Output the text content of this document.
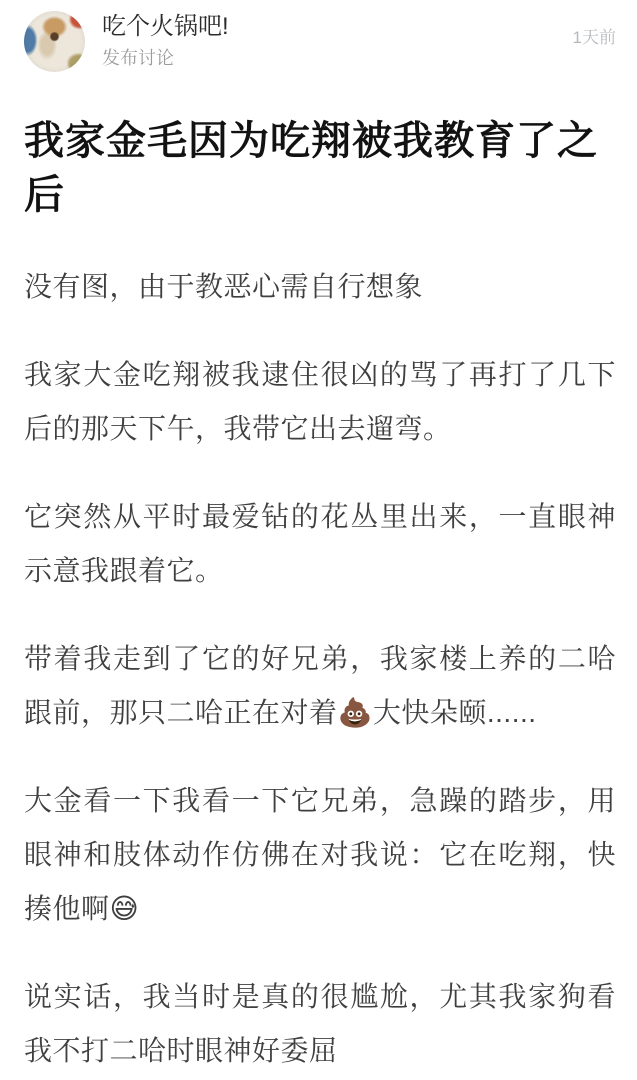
吃个火锅吧!
发布讨论
1天前
我家金毛因为吃翔被我教育了之后

没有图，由于教恶心需自行想象

我家大金吃翔被我逮住很凶的骂了再打了几下后的那天下午，我带它出去遛弯。

它突然从平时最爱钻的花丛里出来，一直眼神示意我跟着它。

带着我走到了它的好兄弟，我家楼上养的二哈跟前，那只二哈正在对着💩大快朵颐......

大金看一下我看一下它兄弟，急躁的踏步，用眼神和肢体动作仿佛在对我说：它在吃翔，快揍他啊😅

说实话，我当时是真的很尴尬，尤其我家狗看我不打二哈时眼神好委屈
